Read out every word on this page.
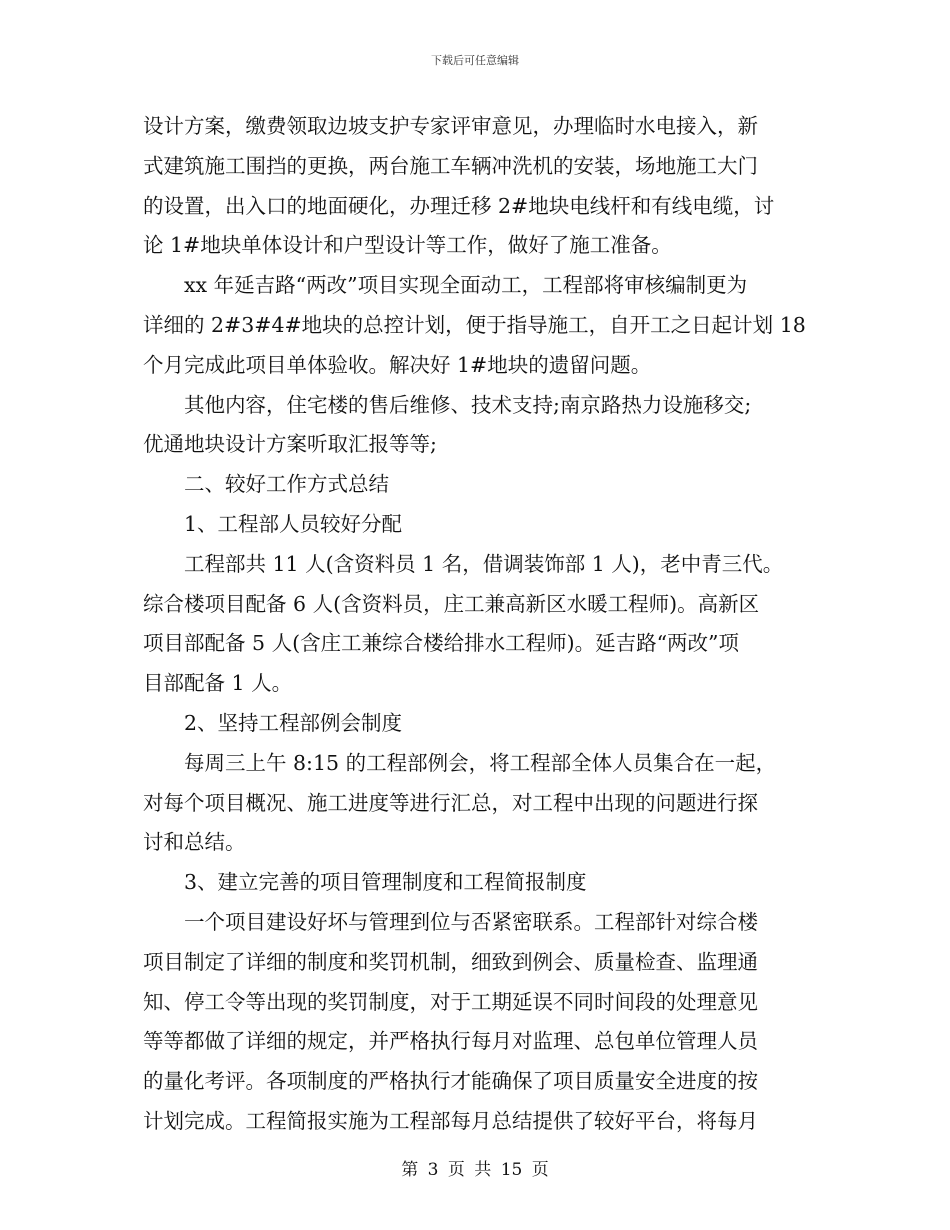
下载后可任意编辑
设计方案，缴费领取边坡支护专家评审意见，办理临时水电接入，新
式建筑施工围挡的更换，两台施工车辆冲洗机的安装，场地施工大门
的设置，出入口的地面硬化，办理迁移 2#地块电线杆和有线电缆，讨
论 1#地块单体设计和户型设计等工作，做好了施工准备。
　　xx 年延吉路“两改”项目实现全面动工，工程部将审核编制更为
详细的 2#3#4#地块的总控计划，便于指导施工，自开工之日起计划 18
个月完成此项目单体验收。解决好 1#地块的遗留问题。
　　其他内容，住宅楼的售后维修、技术支持;南京路热力设施移交;
优通地块设计方案听取汇报等等;
　　二、较好工作方式总结
　　1、工程部人员较好分配
　　工程部共 11 人(含资料员 1 名，借调装饰部 1 人)，老中青三代。
综合楼项目配备 6 人(含资料员，庄工兼高新区水暖工程师)。高新区
项目部配备 5 人(含庄工兼综合楼给排水工程师)。延吉路“两改”项
目部配备 1 人。
　　2、坚持工程部例会制度
　　每周三上午 8:15 的工程部例会，将工程部全体人员集合在一起，
对每个项目概况、施工进度等进行汇总，对工程中出现的问题进行探
讨和总结。
　　3、建立完善的项目管理制度和工程简报制度
　　一个项目建设好坏与管理到位与否紧密联系。工程部针对综合楼
项目制定了详细的制度和奖罚机制，细致到例会、质量检查、监理通
知、停工令等出现的奖罚制度，对于工期延误不同时间段的处理意见
等等都做了详细的规定，并严格执行每月对监理、总包单位管理人员
的量化考评。各项制度的严格执行才能确保了项目质量安全进度的按
计划完成。工程简报实施为工程部每月总结提供了较好平台，将每月
第 3 页 共 15 页
